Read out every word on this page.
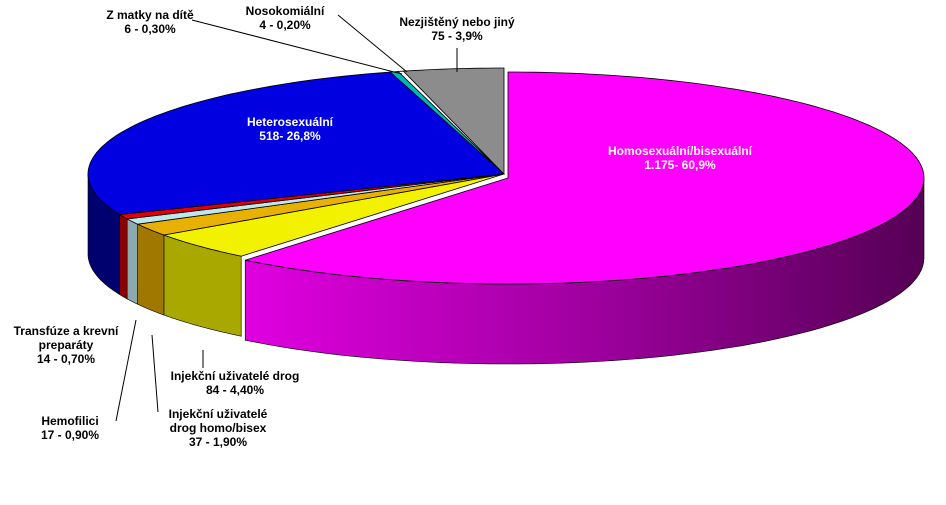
Homosexuální/bisexuální
1.175- 60,9%
Injekční uživatelé drog
84 - 4,40%
Injekční uživatelé
drog homo/bisex
37 - 1,90%
Hemofilici
17 - 0,90%
Transfúze a krevní
preparáty
14 - 0,70%
Heterosexuální
518- 26,8%
Z matky na dítě
6 - 0,30%
Nosokomiální
4 - 0,20%	Nezjištěný nebo jiný
75 - 3,9%
